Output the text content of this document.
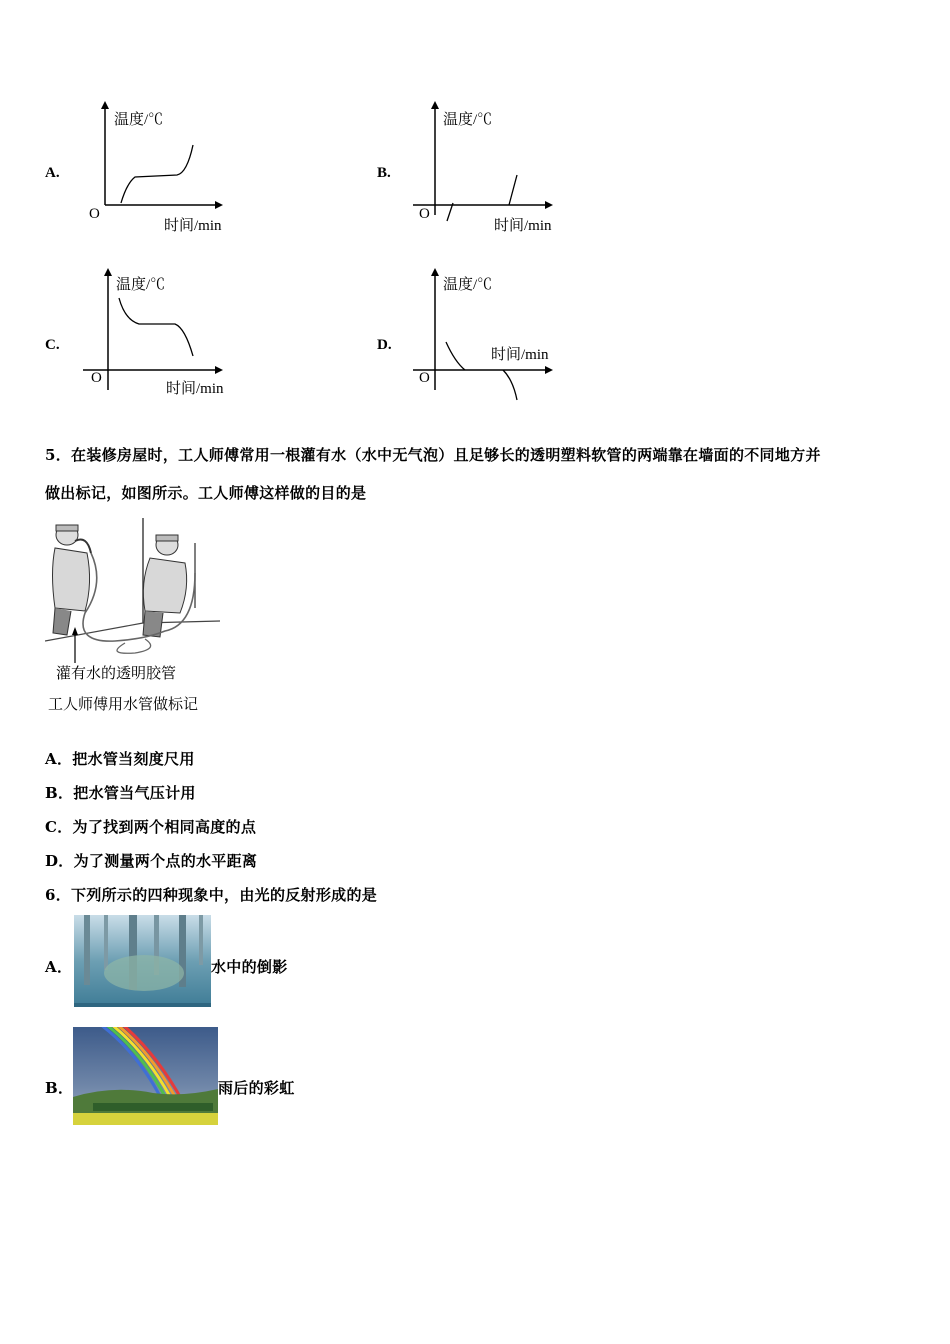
A.
温度/℃
O
时间/min
B.
温度/℃
O
时间/min
C.
温度/℃
O
时间/min
D.
温度/℃
O
时间/min
5．在装修房屋时，工人师傅常用一根灌有水（水中无气泡）且足够长的透明塑料软管的两端靠在墙面的不同地方并
做出标记，如图所示。工人师傅这样做的目的是
灌有水的透明胶管
工人师傅用水管做标记
A．把水管当刻度尺用
B．把水管当气压计用
C．为了找到两个相同高度的点
D．为了测量两个点的水平距离
6．下列所示的四种现象中，由光的反射形成的是
A．	水中的倒影
B．	雨后的彩虹
